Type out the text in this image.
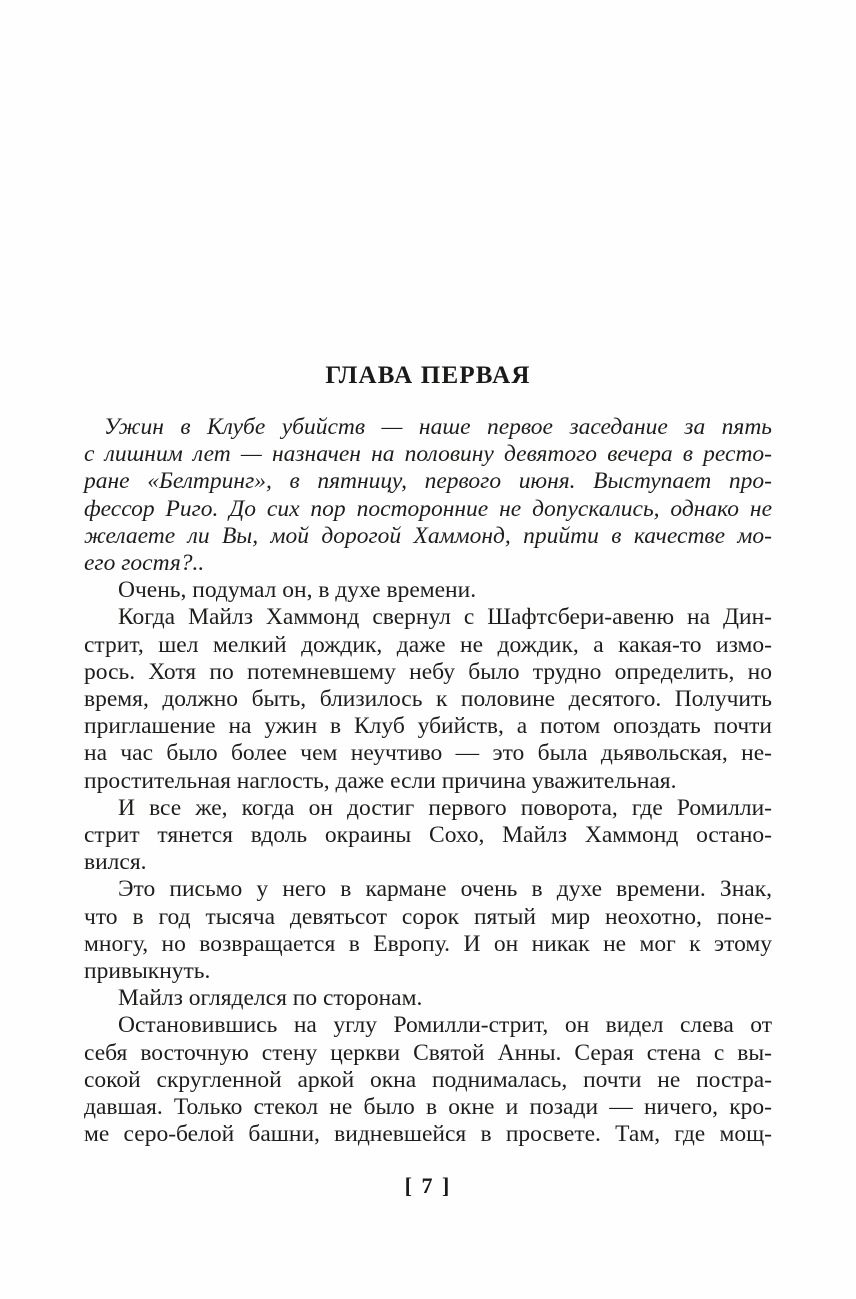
ГЛАВА ПЕРВАЯ
Ужин в Клубе убийств — наше первое заседание за пять
с лишним лет — назначен на половину девятого вечера в ресто-
ране «Белтринг», в пятницу, первого июня. Выступает про-
фессор Риго. До сих пор посторонние не допускались, однако не
желаете ли Вы, мой дорогой Хаммонд, прийти в качестве мо-
его гостя?..
Очень, подумал он, в духе времени.
Когда Майлз Хаммонд свернул с Шафтсбери-авеню на Дин-
стрит, шел мелкий дождик, даже не дождик, а какая-то измо-
рось. Хотя по потемневшему небу было трудно определить, но
время, должно быть, близилось к половине десятого. Получить
приглашение на ужин в Клуб убийств, а потом опоздать почти
на час было более чем неучтиво — это была дьявольская, не-
простительная наглость, даже если причина уважительная.
И все же, когда он достиг первого поворота, где Ромилли-
стрит тянется вдоль окраины Сохо, Майлз Хаммонд остано-
вился.
Это письмо у него в кармане очень в духе времени. Знак,
что в год тысяча девятьсот сорок пятый мир неохотно, поне-
многу, но возвращается в Европу. И он никак не мог к этому
привыкнуть.
Майлз огляделся по сторонам.
Остановившись на углу Ромилли-стрит, он видел слева от
себя восточную стену церкви Святой Анны. Серая стена с вы-
сокой скругленной аркой окна поднималась, почти не постра-
давшая. Только стекол не было в окне и позади — ничего, кро-
ме серо-белой башни, видневшейся в просвете. Там, где мощ-
[ 7 ]
